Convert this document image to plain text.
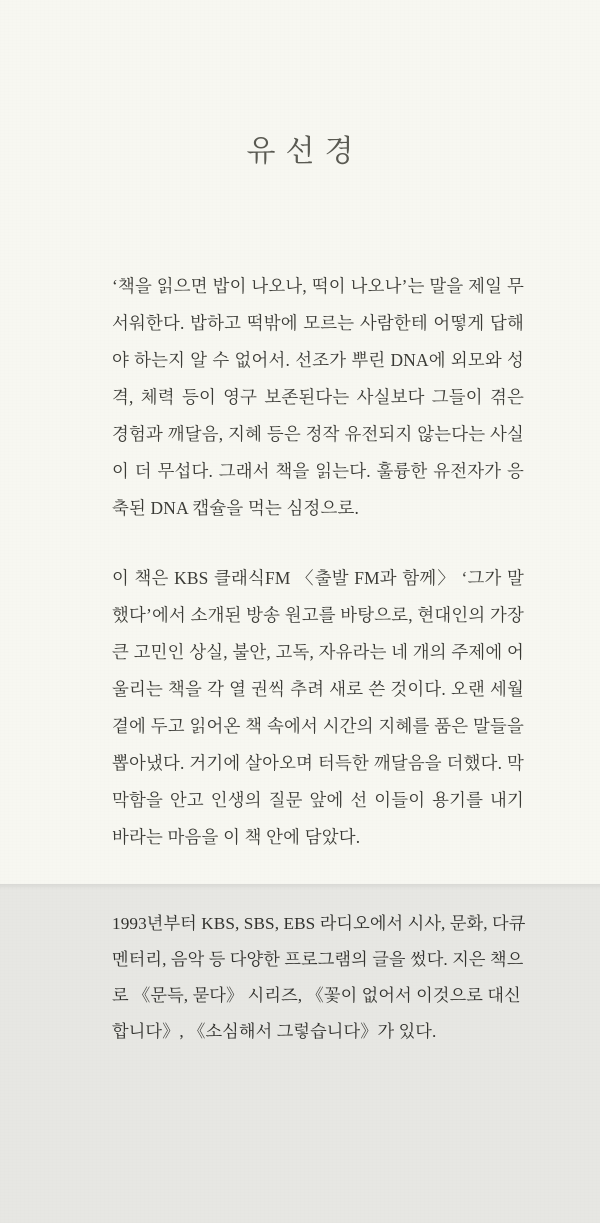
유선경
‘책을 읽으면 밥이 나오나, 떡이 나오나’는 말을 제일 무서워한다. 밥하고 떡밖에 모르는 사람한테 어떻게 답해야 하는지 알 수 없어서. 선조가 뿌린 DNA에 외모와 성격, 체력 등이 영구 보존된다는 사실보다 그들이 겪은 경험과 깨달음, 지혜 등은 정작 유전되지 않는다는 사실이 더 무섭다. 그래서 책을 읽는다. 훌륭한 유전자가 응축된 DNA 캡슐을 먹는 심정으로.
이 책은 KBS 클래식FM 〈출발 FM과 함께〉 ‘그가 말했다’에서 소개된 방송 원고를 바탕으로, 현대인의 가장 큰 고민인 상실, 불안, 고독, 자유라는 네 개의 주제에 어울리는 책을 각 열 권씩 추려 새로 쓴 것이다. 오랜 세월 곁에 두고 읽어온 책 속에서 시간의 지혜를 품은 말들을 뽑아냈다. 거기에 살아오며 터득한 깨달음을 더했다. 막막함을 안고 인생의 질문 앞에 선 이들이 용기를 내기 바라는 마음을 이 책 안에 담았다.
1993년부터 KBS, SBS, EBS 라디오에서 시사, 문화, 다큐멘터리, 음악 등 다양한 프로그램의 글을 썼다. 지은 책으로 《문득, 묻다》 시리즈, 《꽃이 없어서 이것으로 대신합니다》, 《소심해서 그렇습니다》가 있다.
